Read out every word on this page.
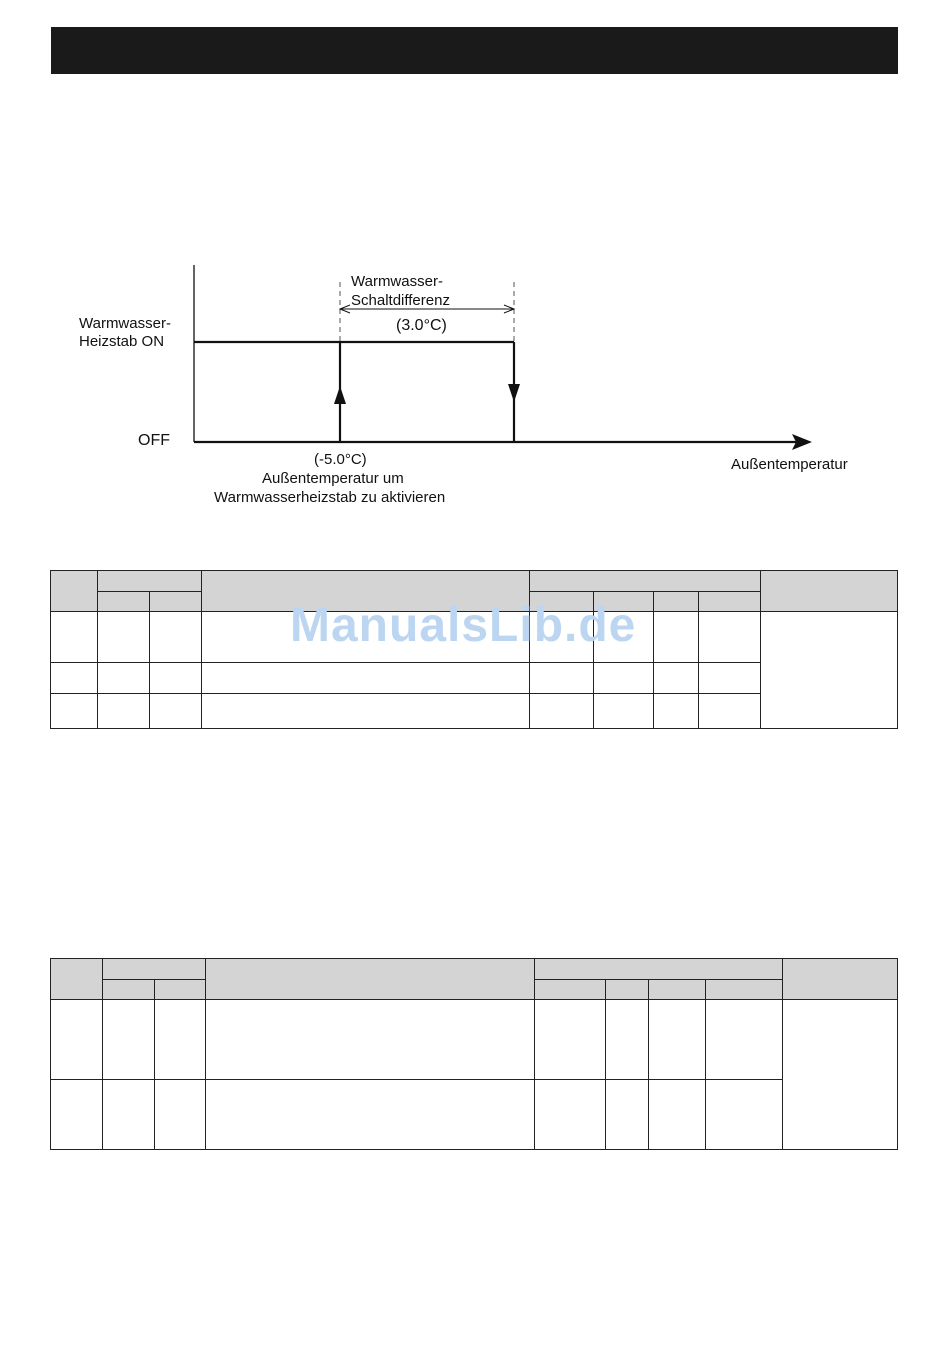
Warmwasser-
Heizstab ON
OFF
Warmwasser-
Schaltdifferenz
(3.0°C)
(-5.0°C)
Außentemperatur um
Warmwasserheizstab zu aktivieren
Außentemperatur

ManualsLib.de
